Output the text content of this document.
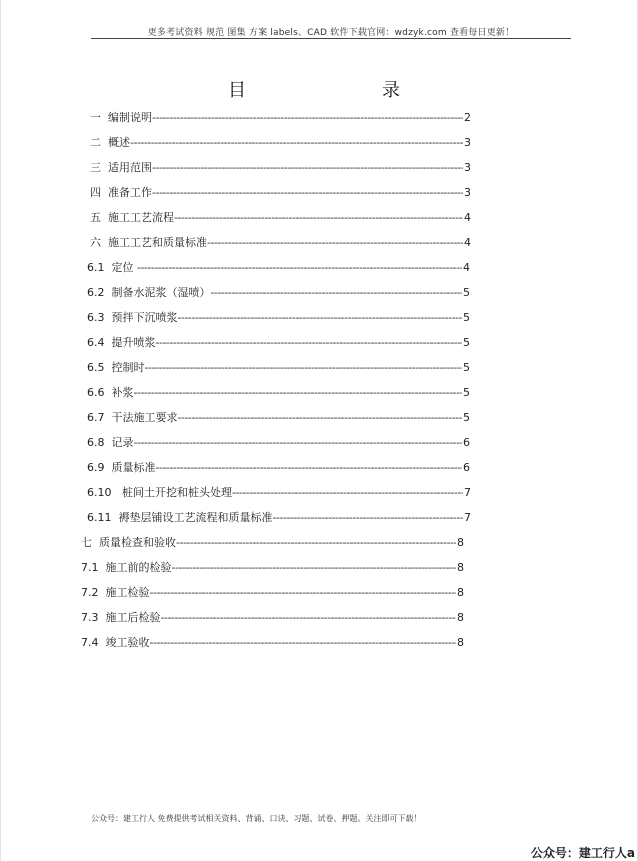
更多考试资料 规范 图集 方案 labels、CAD 软件下载官网：wdzyk.com 查看每日更新！
目	录
一  编制说明 -----	2
二  概述 -----	3
三  适用范围 -----	3
四  准备工作 -----	3
五  施工工艺流程 -----	4
六  施工工艺和质量标准 -----	4
6.1  定位 -----	4
6.2  制备水泥浆（湿喷） -----	5
6.3  预拌下沉喷浆 -----	5
6.4  提升喷浆 -----	5
6.5  控制时 -----	5
6.6  补浆 -----	5
6.7  干法施工要求 -----	5
6.8  记录 -----	6
6.9  质量标准 -----	6
6.10   桩间土开挖和桩头处理 -----	7
6.11  褥垫层铺设工艺流程和质量标准 -----	7
七  质量检查和验收 -----	8
7.1  施工前的检验 -----	8
7.2  施工检验 -----	8
7.3  施工后检验 -----	8
7.4  竣工验收 -----	8
公众号：建工行人 免费提供考试相关资料、背诵、口诀、习题、试卷、押题。关注即可下载！
公众号：建工行人a
